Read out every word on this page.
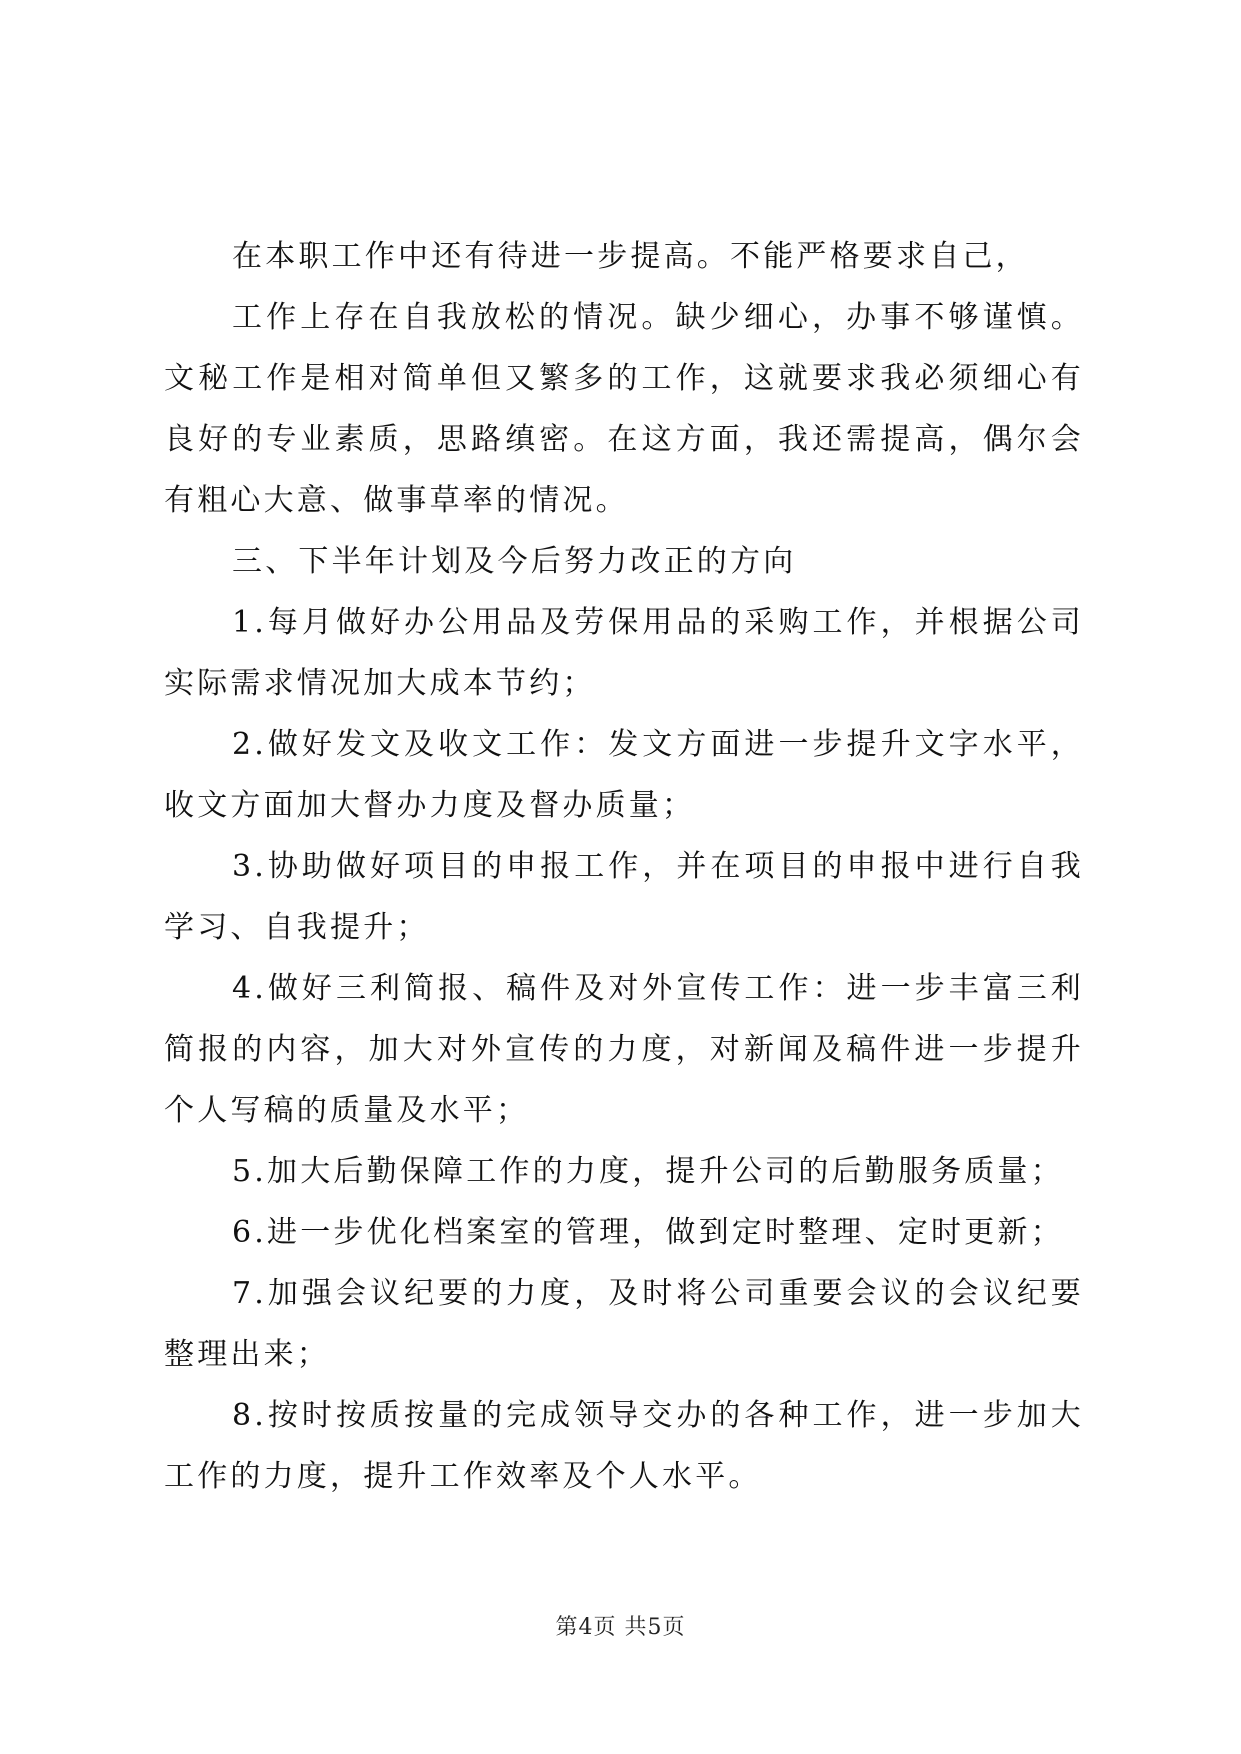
在本职工作中还有待进一步提高。不能严格要求自己，

工作上存在自我放松的情况。缺少细心，办事不够谨慎。文秘工作是相对简单但又繁多的工作，这就要求我必须细心有良好的专业素质，思路缜密。在这方面，我还需提高，偶尔会有粗心大意、做事草率的情况。

三、下半年计划及今后努力改正的方向

1.每月做好办公用品及劳保用品的采购工作，并根据公司实际需求情况加大成本节约；

2.做好发文及收文工作：发文方面进一步提升文字水平，收文方面加大督办力度及督办质量；

3.协助做好项目的申报工作，并在项目的申报中进行自我学习、自我提升；

4.做好三利简报、稿件及对外宣传工作：进一步丰富三利简报的内容，加大对外宣传的力度，对新闻及稿件进一步提升个人写稿的质量及水平；

5.加大后勤保障工作的力度，提升公司的后勤服务质量；

6.进一步优化档案室的管理，做到定时整理、定时更新；

7.加强会议纪要的力度，及时将公司重要会议的会议纪要整理出来；

8.按时按质按量的完成领导交办的各种工作，进一步加大工作的力度，提升工作效率及个人水平。

第4页 共5页
